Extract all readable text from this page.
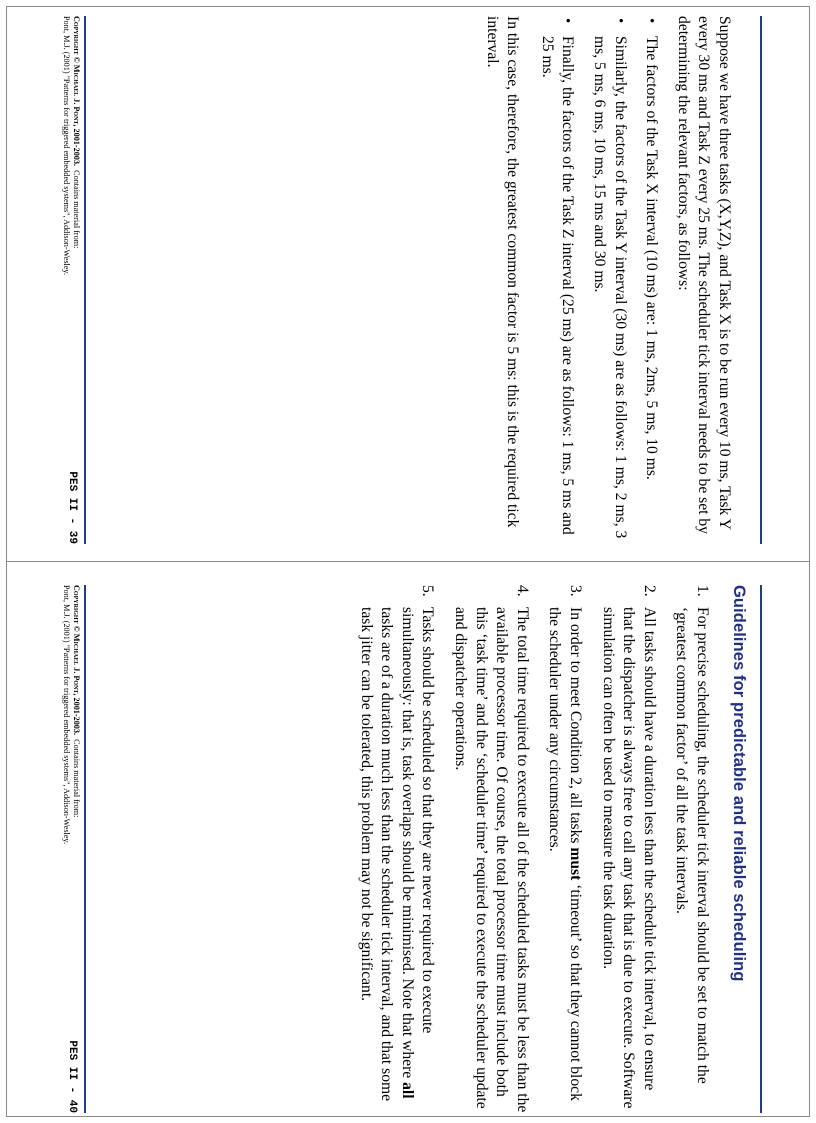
Suppose we have three tasks (X,Y,Z), and Task X is to be run every 10 ms, Task Y every 30 ms and Task Z every 25 ms. The scheduler tick interval needs to be set by determining the relevant factors, as follows:

• The factors of the Task X interval (10 ms) are: 1 ms, 2ms, 5 ms, 10 ms.
• Similarly, the factors of the Task Y interval (30 ms) are as follows: 1 ms, 2 ms, 3 ms, 5 ms, 6 ms, 10 ms, 15 ms and 30 ms.
• Finally, the factors of the Task Z interval (25 ms) are as follows: 1 ms, 5 ms and 25 ms.

In this case, therefore, the greatest common factor is 5 ms: this is the required tick interval.

Copyright © Michael J. Pont, 2001-2003.  Contains material from:
Pont, M.J. (2001) "Patterns for triggered embedded systems", Addison-Wesley.
PES II - 39
Guidelines for predictable and reliable scheduling
1.
For precise scheduling, the scheduler tick interval should be set to match the ‘greatest common factor’ of all the task intervals.
2.
All tasks should have a duration less than the schedule tick interval, to ensure that the dispatcher is always free to call any task that is due to execute. Software simulation can often be used to measure the task duration.
3.
In order to meet Condition 2, all tasks must ‘timeout’ so that they cannot block the scheduler under any circumstances.
4.
The total time required to execute all of the scheduled tasks must be less than the available processor time. Of course, the total processor time must include both this ‘task time’ and the ‘scheduler time’ required to execute the scheduler update and dispatcher operations.
5.
Tasks should be scheduled so that they are never required to execute simultaneously: that is, task overlaps should be minimised. Note that where all tasks are of a duration much less than the scheduler tick interval, and that some task jitter can be tolerated, this problem may not be significant.
Copyright © Michael J. Pont, 2001-2003.  Contains material from:
Pont, M.J. (2001) "Patterns for triggered embedded systems", Addison-Wesley.
PES II - 40
